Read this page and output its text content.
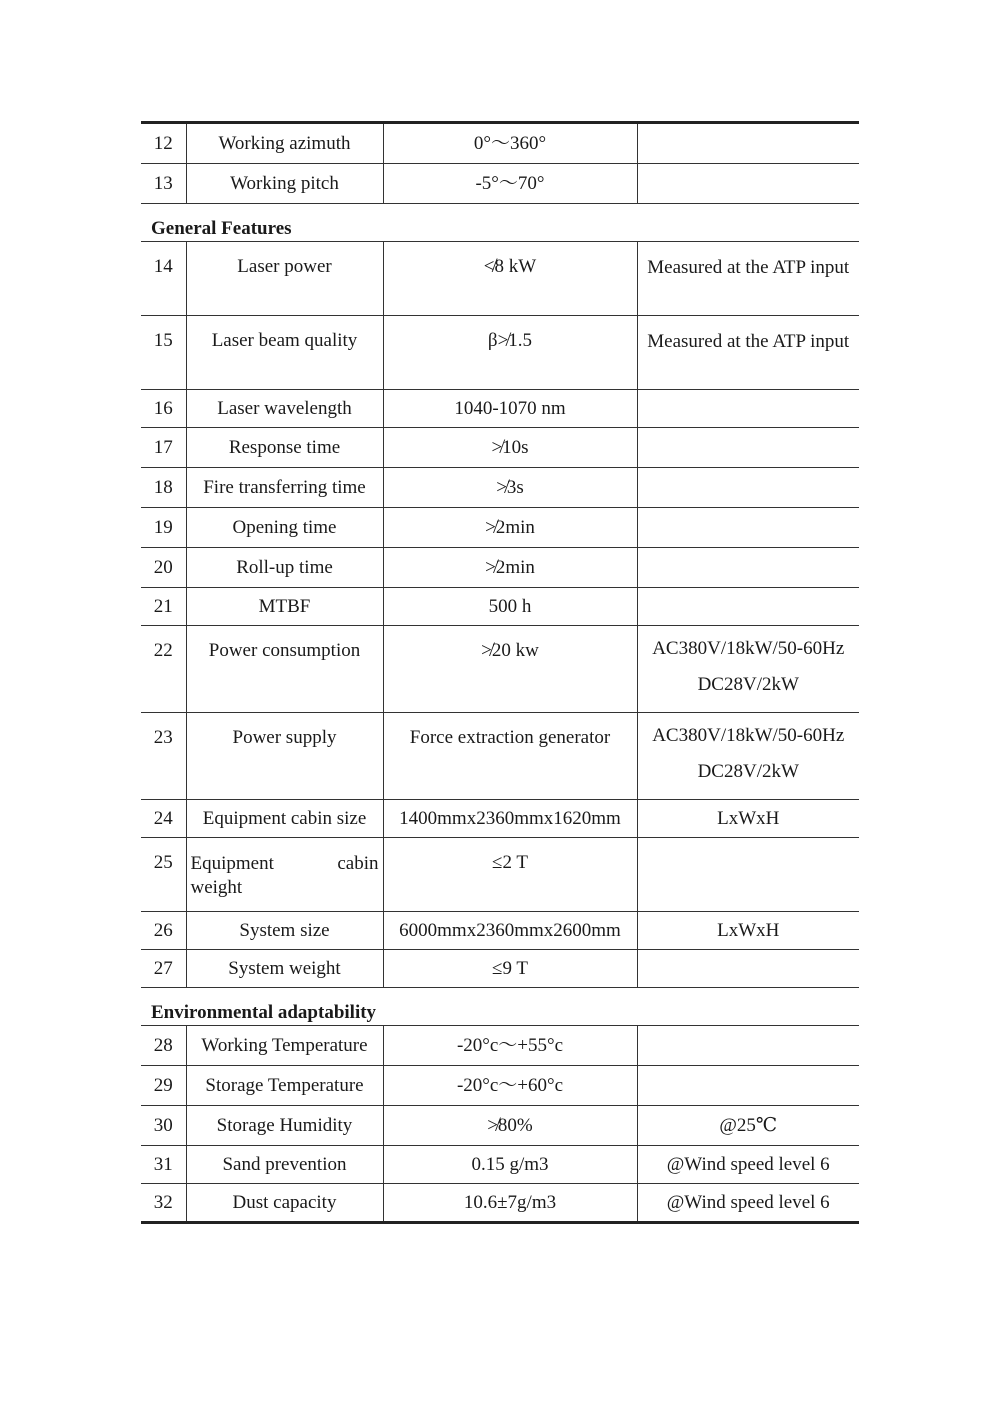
12	Working azimuth	0°～360°	
13	Working pitch	-5°～70°	
General Features			
14	Laser power	≮8 kW	Measured at the ATP input
15	Laser beam quality	β≯1.5	Measured at the ATP input
16	Laser wavelength	1040-1070 nm	
17	Response time	≯10s	
18	Fire transferring time	≯3s	
19	Opening time	≯2min	
20	Roll-up time	≯2min	
21	MTBF	500 h	
22	Power consumption	≯20 kw	AC380V/18kW/50-60Hz
DC28V/2kW

23	Power supply	Force extraction generator	AC380V/18kW/50-60Hz
DC28V/2kW

24	Equipment cabin size	1400mmx2360mmx1620mm	LxWxH
25	Equipment cabin
weight	≤2 T	
26	System size	6000mmx2360mmx2600mm	LxWxH
27	System weight	≤9 T	
Environmental adaptability			
28	Working Temperature	-20°c～+55°c	
29	Storage Temperature	-20°c～+60°c	
30	Storage Humidity	≯80%	@25℃
31	Sand prevention	0.15 g/m3	@Wind speed level 6
32	Dust capacity	10.6±7g/m3	@Wind speed level 6
